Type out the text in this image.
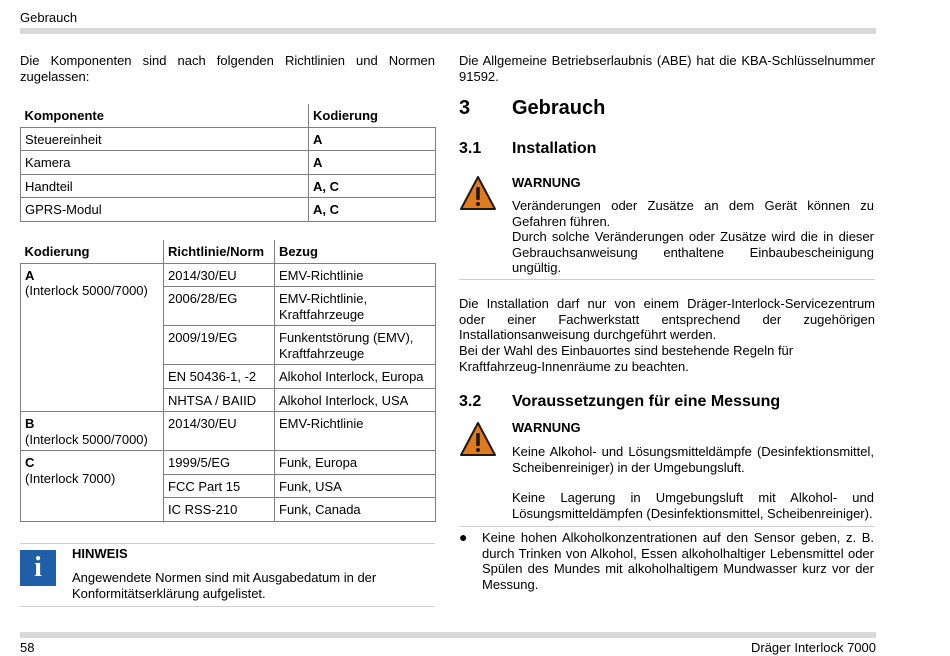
Gebrauch
Die Komponenten sind nach folgenden Richtlinien und Normen zugelassen:
Komponente	Kodierung
Steuereinheit	A
Kamera	A
Handteil	A, C
GPRS-Modul	A, C
Kodierung	Richtlinie/Norm	Bezug
A
(Interlock 5000/7000)	2014/30/EU	EMV-Richtlinie
	2006/28/EG	EMV-Richtlinie, Kraftfahrzeuge
	2009/19/EG	Funkentstörung (EMV), Kraftfahrzeuge
	EN 50436-1, -2	Alkohol Interlock, Europa
	NHTSA / BAIID	Alkohol Interlock, USA
B
(Interlock 5000/7000)	2014/30/EU	EMV-Richtlinie
C
(Interlock 7000)	1999/5/EG	Funk, Europa
	FCC Part 15	Funk, USA
	IC RSS-210	Funk, Canada
i	HINWEIS
Angewendete Normen sind mit Ausgabedatum in der Konformitätserklärung aufgelistet.
Die Allgemeine Betriebserlaubnis (ABE) hat die KBA-Schlüsselnummer 91592.
3 Gebrauch
3.1 Installation
WARNUNG
Veränderungen oder Zusätze an dem Gerät können zu Gefahren führen.
Durch solche Veränderungen oder Zusätze wird die in dieser Gebrauchsanweisung enthaltene Einbaubescheinigung ungültig.
Die Installation darf nur von einem Dräger-Interlock-Servicezentrum oder einer Fachwerkstatt entsprechend der zugehörigen Installationsanweisung durchgeführt werden.
Bei der Wahl des Einbauortes sind bestehende Regeln für Kraftfahrzeug-Innenräume zu beachten.
3.2 Voraussetzungen für eine Messung
WARNUNG
Keine Alkohol- und Lösungsmitteldämpfe (Desinfektionsmittel, Scheibenreiniger) in der Umgebungsluft.
Keine Lagerung in Umgebungsluft mit Alkohol- und Lösungsmitteldämpfen (Desinfektionsmittel, Scheibenreiniger).
● Keine hohen Alkoholkonzentrationen auf den Sensor geben, z. B. durch Trinken von Alkohol, Essen alkoholhaltiger Lebensmittel oder Spülen des Mundes mit alkoholhaltigem Mundwasser kurz vor der Messung.
58	Dräger Interlock 7000
